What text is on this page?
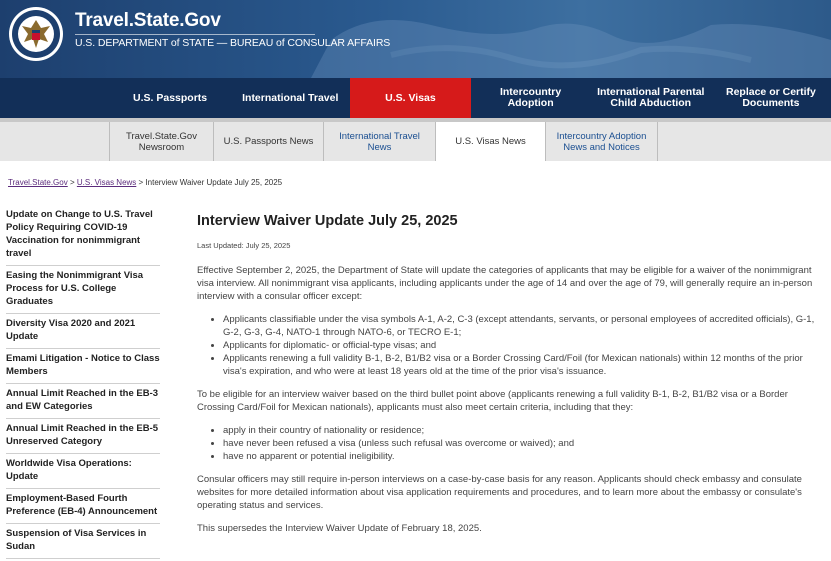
Travel.State.Gov
U.S. DEPARTMENT of STATE — BUREAU of CONSULAR AFFAIRS
U.S. Passports	International Travel	U.S. Visas	Intercountry Adoption
International Parental Child Abduction
Replace or Certify Documents
Travel.State.Gov Newsroom	U.S. Passports News	International Travel News	U.S. Visas News	Intercountry Adoption News and Notices
Travel.State.Gov > U.S. Visas News > Interview Waiver Update July 25, 2025
Update on Change to U.S. Travel Policy Requiring COVID-19 Vaccination for nonimmigrant travel
Easing the Nonimmigrant Visa Process for U.S. College Graduates
Diversity Visa 2020 and 2021 Update
Emami Litigation - Notice to Class Members
Annual Limit Reached in the EB-3 and EW Categories
Annual Limit Reached in the EB-5 Unreserved Category
Worldwide Visa Operations: Update
Employment-Based Fourth Preference (EB-4) Announcement
Suspension of Visa Services in Sudan
Interview Waiver Update July 25, 2025
Last Updated: July 25, 2025

Effective September 2, 2025, the Department of State will update the categories of applicants that may be eligible for a waiver of the nonimmigrant visa interview. All nonimmigrant visa applicants, including applicants under the age of 14 and over the age of 79, will generally require an in-person interview with a consular officer except:

• Applicants classifiable under the visa symbols A-1, A-2, C-3 (except attendants, servants, or personal employees of accredited officials), G-1, G-2, G-3, G-4, NATO-1 through NATO-6, or TECRO E-1;
• Applicants for diplomatic- or official-type visas; and
• Applicants renewing a full validity B-1, B-2, B1/B2 visa or a Border Crossing Card/Foil (for Mexican nationals) within 12 months of the prior visa's expiration, and who were at least 18 years old at the time of the prior visa's issuance.

To be eligible for an interview waiver based on the third bullet point above (applicants renewing a full validity B-1, B-2, B1/B2 visa or a Border Crossing Card/Foil for Mexican nationals), applicants must also meet certain criteria, including that they:

• apply in their country of nationality or residence;
• have never been refused a visa (unless such refusal was overcome or waived); and
• have no apparent or potential ineligibility.

Consular officers may still require in-person interviews on a case-by-case basis for any reason. Applicants should check embassy and consulate websites for more detailed information about visa application requirements and procedures, and to learn more about the embassy or consulate's operating status and services.

This supersedes the Interview Waiver Update of February 18, 2025.
